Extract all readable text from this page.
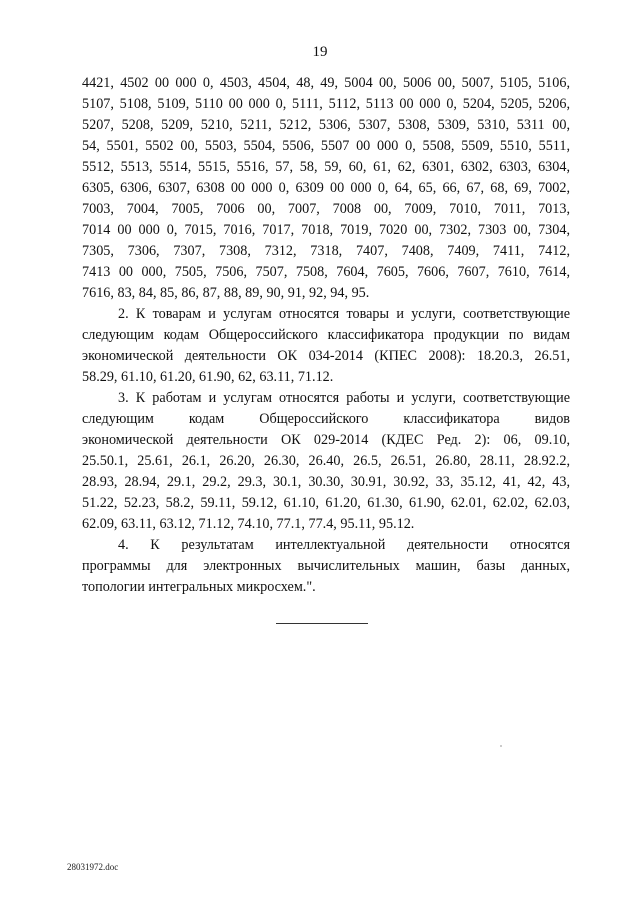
19

4421, 4502 00 000 0, 4503, 4504, 48, 49, 5004 00, 5006 00, 5007, 5105, 5106,

5107, 5108, 5109, 5110 00 000 0, 5111, 5112, 5113 00 000 0, 5204, 5205, 5206,

5207, 5208, 5209, 5210, 5211, 5212, 5306, 5307, 5308, 5309, 5310, 5311 00,

54, 5501, 5502 00, 5503, 5504, 5506, 5507 00 000 0, 5508, 5509, 5510, 5511,

5512, 5513, 5514, 5515, 5516, 57, 58, 59, 60, 61, 62, 6301, 6302, 6303, 6304,

6305, 6306, 6307, 6308 00 000 0, 6309 00 000 0, 64, 65, 66, 67, 68, 69, 7002,

7003, 7004, 7005, 7006 00, 7007, 7008 00, 7009, 7010, 7011, 7013,

7014 00 000 0, 7015, 7016, 7017, 7018, 7019, 7020 00, 7302, 7303 00, 7304,

7305, 7306, 7307, 7308, 7312, 7318, 7407, 7408, 7409, 7411, 7412,

7413 00 000, 7505, 7506, 7507, 7508, 7604, 7605, 7606, 7607, 7610, 7614,

7616, 83, 84, 85, 86, 87, 88, 89, 90, 91, 92, 94, 95.

2. К товарам и услугам относятся товары и услуги, соответствующие

следующим кодам Общероссийского классификатора продукции по видам

экономической деятельности ОК 034-2014 (КПЕС 2008): 18.20.3, 26.51,

58.29, 61.10, 61.20, 61.90, 62, 63.11, 71.12.

3. К работам и услугам относятся работы и услуги, соответствующие

следующим кодам Общероссийского классификатора видов

экономической деятельности ОК 029-2014 (КДЕС Ред. 2): 06, 09.10,

25.50.1, 25.61, 26.1, 26.20, 26.30, 26.40, 26.5, 26.51, 26.80, 28.11, 28.92.2,

28.93, 28.94, 29.1, 29.2, 29.3, 30.1, 30.30, 30.91, 30.92, 33, 35.12, 41, 42, 43,

51.22, 52.23, 58.2, 59.11, 59.12, 61.10, 61.20, 61.30, 61.90, 62.01, 62.02, 62.03,

62.09, 63.11, 63.12, 71.12, 74.10, 77.1, 77.4, 95.11, 95.12.

4. К результатам интеллектуальной деятельности относятся

программы для электронных вычислительных машин, базы данных,

топологии интегральных микросхем.".

28031972.doc
